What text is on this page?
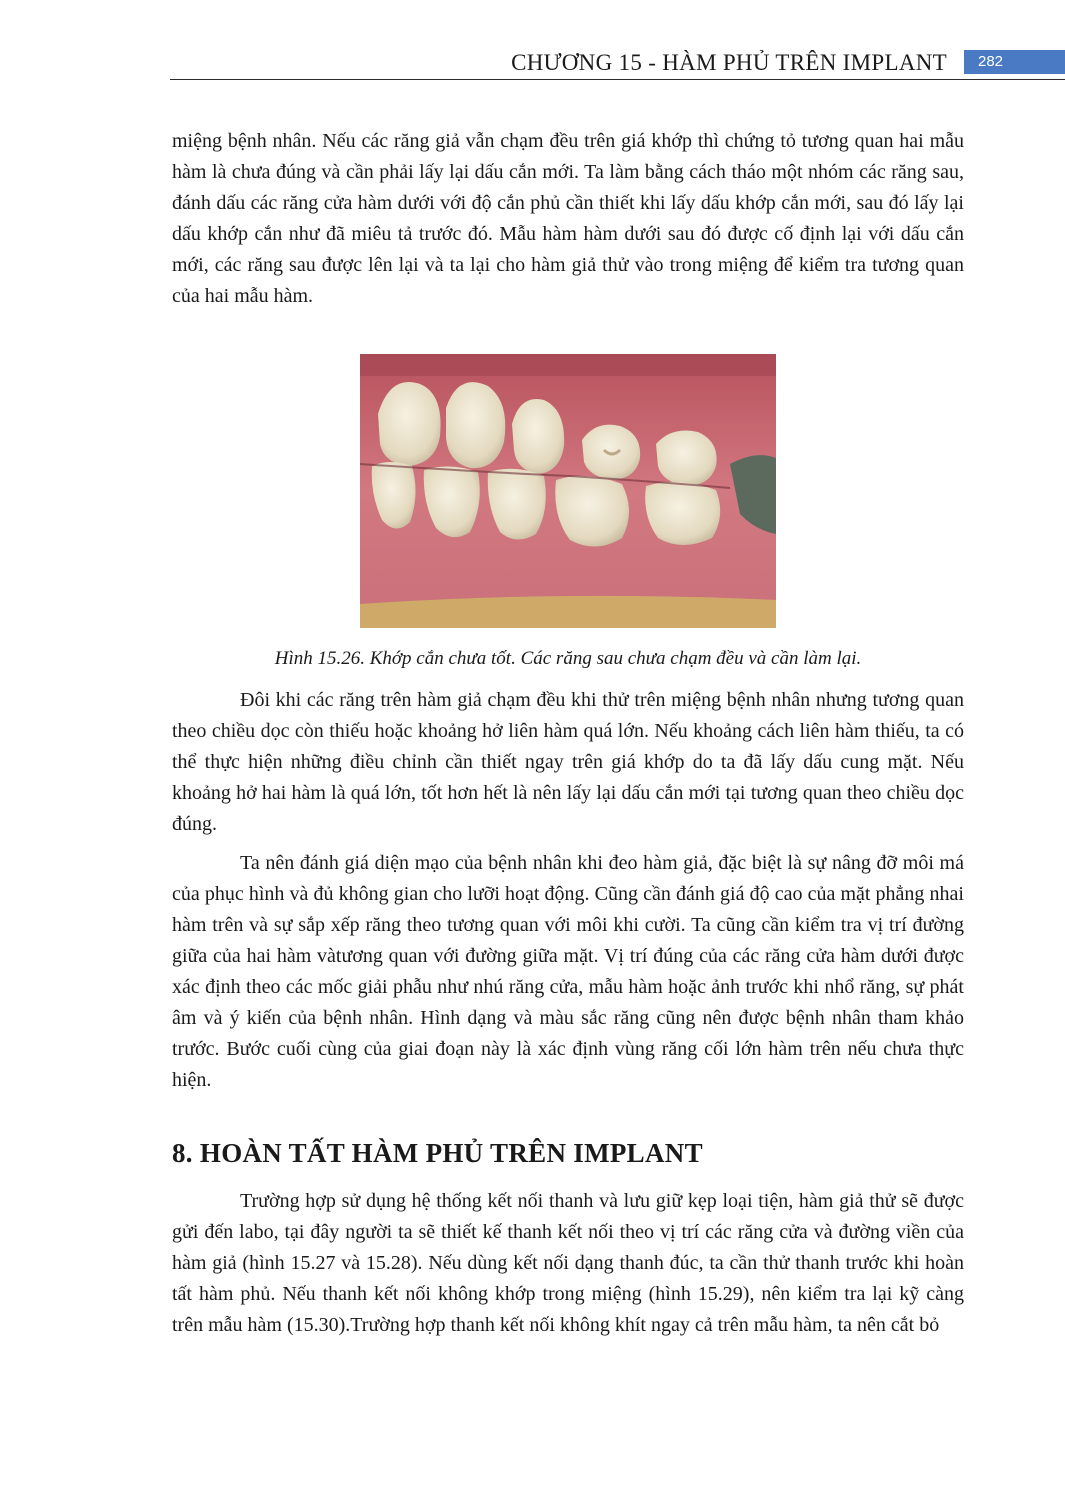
CHƯƠNG 15 - HÀM PHỦ TRÊN IMPLANT	282

miệng bệnh nhân. Nếu các răng giả vẫn chạm đều trên giá khớp thì chứng tỏ tương quan hai mẫu hàm là chưa đúng và cần phải lấy lại dấu cắn mới. Ta làm bằng cách tháo một nhóm các răng sau, đánh dấu các răng cửa hàm dưới với độ cắn phủ cần thiết khi lấy dấu khớp cắn mới, sau đó lấy lại dấu khớp cắn như đã miêu tả trước đó. Mẫu hàm hàm dưới sau đó được cố định lại với dấu cắn mới, các răng sau được lên lại và ta lại cho hàm giả thử vào trong miệng để kiểm tra tương quan của hai mẫu hàm.

Hình 15.26. Khớp cắn chưa tốt. Các răng sau chưa chạm đều và cần làm lại.

Đôi khi các răng trên hàm giả chạm đều khi thử trên miệng bệnh nhân nhưng tương quan theo chiều dọc còn thiếu hoặc khoảng hở liên hàm quá lớn. Nếu khoảng cách liên hàm thiếu, ta có thể thực hiện những điều chỉnh cần thiết ngay trên giá khớp do ta đã lấy dấu cung mặt. Nếu khoảng hở hai hàm là quá lớn, tốt hơn hết là nên lấy lại dấu cắn mới tại tương quan theo chiều dọc đúng.

Ta nên đánh giá diện mạo của bệnh nhân khi đeo hàm giả, đặc biệt là sự nâng đỡ môi má của phục hình và đủ không gian cho lưỡi hoạt động. Cũng cần đánh giá độ cao của mặt phẳng nhai hàm trên và sự sắp xếp răng theo tương quan với môi khi cười. Ta cũng cần kiểm tra vị trí đường giữa của hai hàm vàtương quan với đường giữa mặt. Vị trí đúng của các răng cửa hàm dưới được xác định theo các mốc giải phẫu như nhú răng cửa, mẫu hàm hoặc ảnh trước khi nhổ răng, sự phát âm và ý kiến của bệnh nhân. Hình dạng và màu sắc răng cũng nên được bệnh nhân tham khảo trước. Bước cuối cùng của giai đoạn này là xác định vùng răng cối lớn hàm trên nếu chưa thực hiện.

8. HOÀN TẤT HÀM PHỦ TRÊN IMPLANT

Trường hợp sử dụng hệ thống kết nối thanh và lưu giữ kẹp loại tiện, hàm giả thử sẽ được gửi đến labo, tại đây người ta sẽ thiết kế thanh kết nối theo vị trí các răng cửa và đường viền của hàm giả (hình 15.27 và 15.28). Nếu dùng kết nối dạng thanh đúc, ta cần thử thanh trước khi hoàn tất hàm phủ. Nếu thanh kết nối không khớp trong miệng (hình 15.29), nên kiểm tra lại kỹ càng trên mẫu hàm (15.30).Trường hợp thanh kết nối không khít ngay cả trên mẫu hàm, ta nên cắt bỏ
